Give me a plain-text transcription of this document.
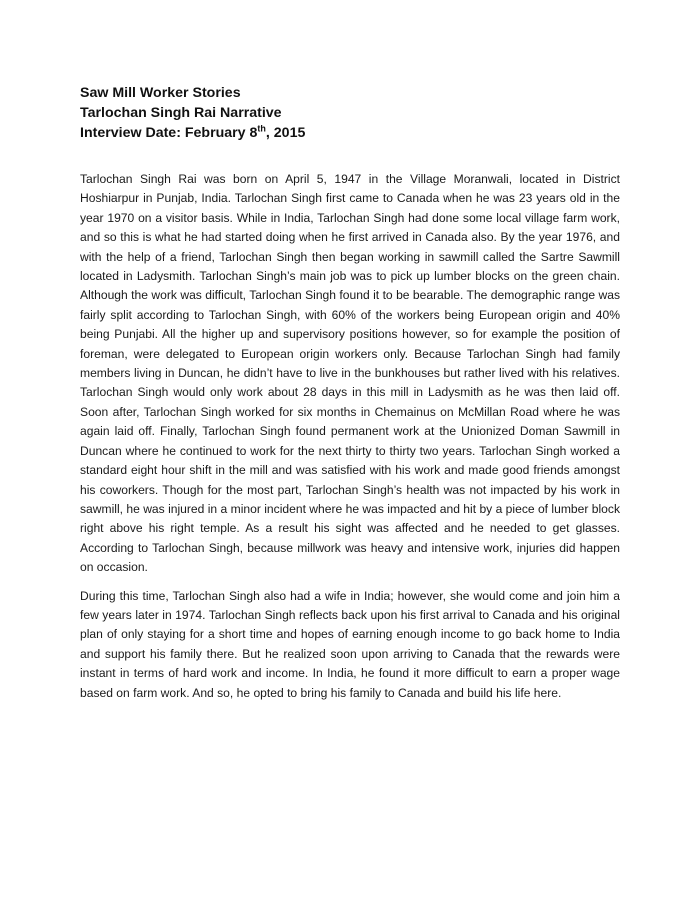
Saw Mill Worker Stories
Tarlochan Singh Rai Narrative
Interview Date: February 8th, 2015

Tarlochan Singh Rai was born on April 5, 1947 in the Village Moranwali, located in District Hoshiarpur in Punjab, India. Tarlochan Singh first came to Canada when he was 23 years old in the year 1970 on a visitor basis. While in India, Tarlochan Singh had done some local village farm work, and so this is what he had started doing when he first arrived in Canada also. By the year 1976, and with the help of a friend, Tarlochan Singh then began working in sawmill called the Sartre Sawmill located in Ladysmith. Tarlochan Singh’s main job was to pick up lumber blocks on the green chain. Although the work was difficult, Tarlochan Singh found it to be bearable. The demographic range was fairly split according to Tarlochan Singh, with 60% of the workers being European origin and 40% being Punjabi. All the higher up and supervisory positions however, so for example the position of foreman, were delegated to European origin workers only. Because Tarlochan Singh had family members living in Duncan, he didn’t have to live in the bunkhouses but rather lived with his relatives. Tarlochan Singh would only work about 28 days in this mill in Ladysmith as he was then laid off. Soon after, Tarlochan Singh worked for six months in Chemainus on McMillan Road where he was again laid off. Finally, Tarlochan Singh found permanent work at the Unionized Doman Sawmill in Duncan where he continued to work for the next thirty to thirty two years. Tarlochan Singh worked a standard eight hour shift in the mill and was satisfied with his work and made good friends amongst his coworkers. Though for the most part, Tarlochan Singh’s health was not impacted by his work in sawmill, he was injured in a minor incident where he was impacted and hit by a piece of lumber block right above his right temple. As a result his sight was affected and he needed to get glasses. According to Tarlochan Singh, because millwork was heavy and intensive work, injuries did happen on occasion.

During this time, Tarlochan Singh also had a wife in India; however, she would come and join him a few years later in 1974. Tarlochan Singh reflects back upon his first arrival to Canada and his original plan of only staying for a short time and hopes of earning enough income to go back home to India and support his family there. But he realized soon upon arriving to Canada that the rewards were instant in terms of hard work and income. In India, he found it more difficult to earn a proper wage based on farm work. And so, he opted to bring his family to Canada and build his life here.
